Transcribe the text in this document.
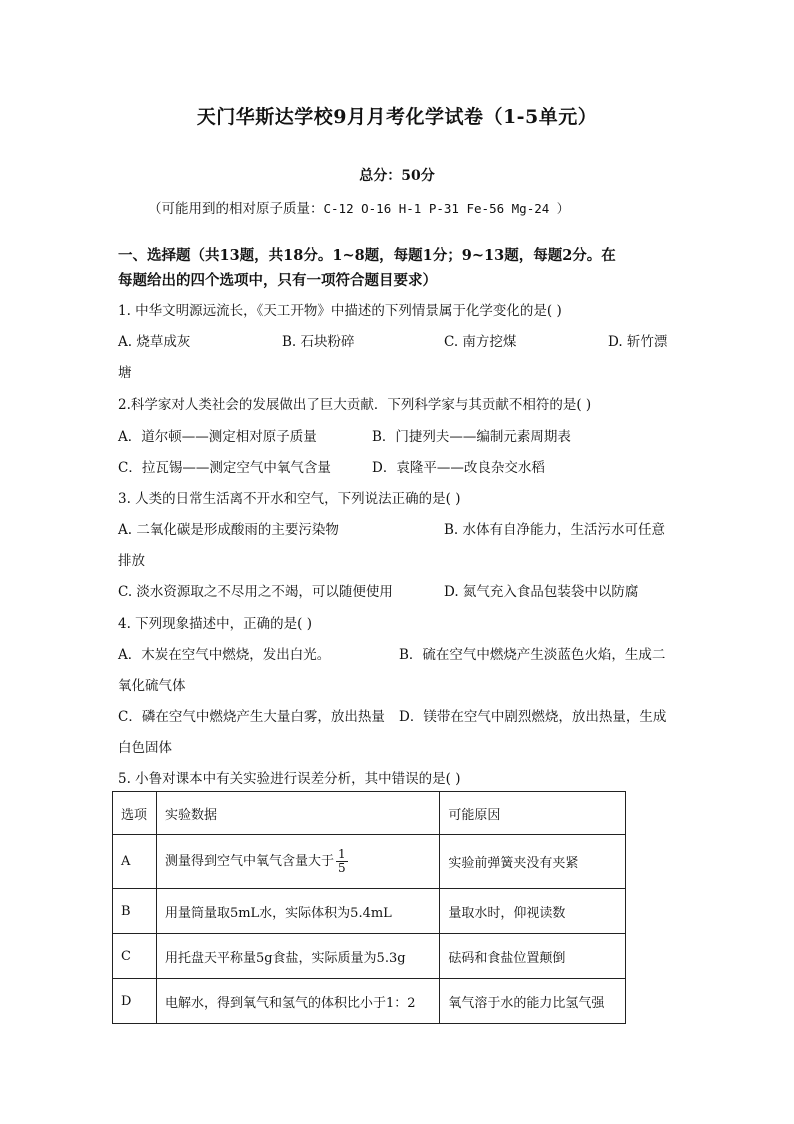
天门华斯达学校9月月考化学试卷（1-5单元）
总分：50分
（可能用到的相对原子质量：C-12 O-16 H-1 P-31 Fe-56 Mg-24 ）
一、选择题（共13题，共18分。1~8题，每题1分；9~13题，每题2分。在
每题给出的四个选项中，只有一项符合题目要求）
1. 中华文明源远流长，《天工开物》中描述的下列情景属于化学变化的是( )
A. 烧草成灰	B. 石块粉碎	C. 南方挖煤	D. 斩竹漂
塘
2.科学家对人类社会的发展做出了巨大贡献．下列科学家与其贡献不相符的是( )
A．道尔顿——测定相对原子质量	B．门捷列夫——编制元素周期表
C．拉瓦锡——测定空气中氧气含量	D．袁隆平——改良杂交水稻
3. 人类的日常生活离不开水和空气，下列说法正确的是( )
A. 二氧化碳是形成酸雨的主要污染物	B. 水体有自净能力，生活污水可任意
排放
C. 淡水资源取之不尽用之不竭，可以随便使用	D. 氮气充入食品包装袋中以防腐
4. 下列现象描述中，正确的是( )
A．木炭在空气中燃烧，发出白光。	B．硫在空气中燃烧产生淡蓝色火焰，生成二
氧化硫气体
C．磷在空气中燃烧产生大量白雾，放出热量 D．镁带在空气中剧烈燃烧，放出热量，生成
白色固体
5. 小鲁对课本中有关实验进行误差分析，其中错误的是( )
选项	实验数据	可能原因
A	测量得到空气中氧气含量大于 $\frac{1}{5}$	实验前弹簧夹没有夹紧
B	用量筒量取5mL水，实际体积为5.4mL	量取水时，仰视读数
C	用托盘天平称量5g食盐，实际质量为5.3g	砝码和食盐位置颠倒
D	电解水，得到氧气和氢气的体积比小于1：2	氧气溶于水的能力比氢气强
